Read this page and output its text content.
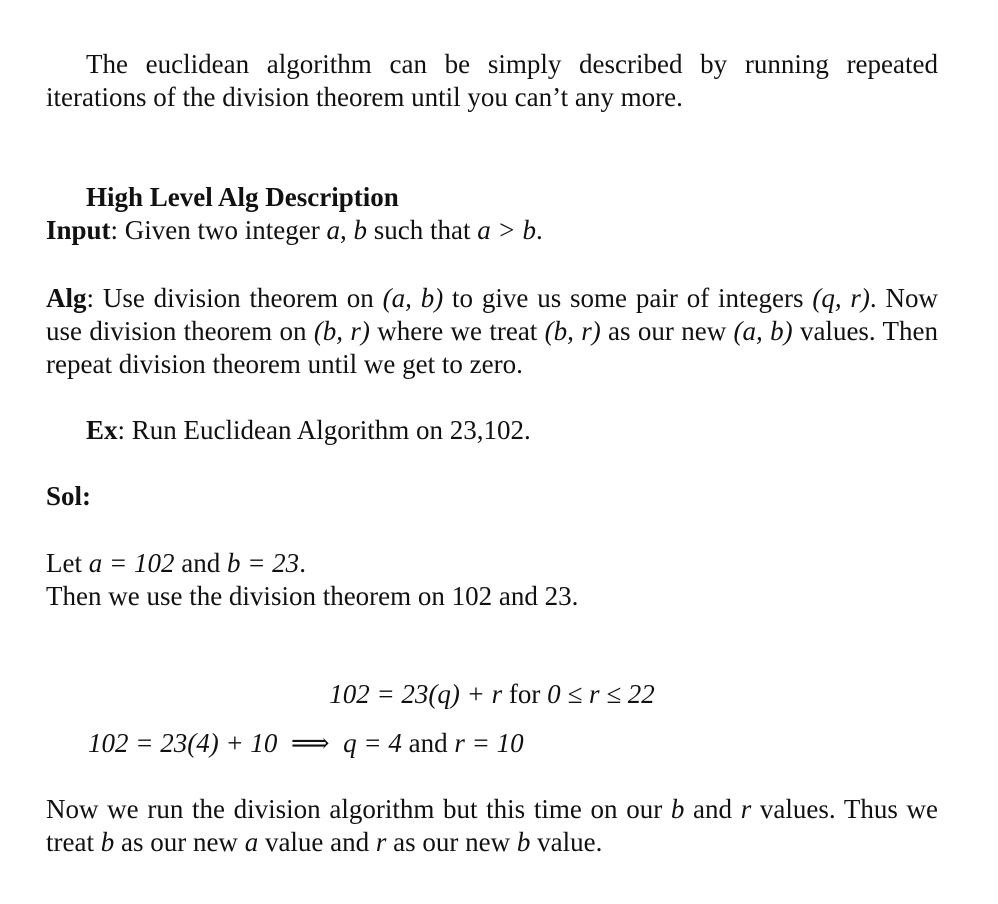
The euclidean algorithm can be simply described by running repeated iterations of the division theorem until you can’t any more.
High Level Alg Description
Input: Given two integer a, b such that a > b.
Alg: Use division theorem on (a, b) to give us some pair of integers (q, r). Now use division theorem on (b, r) where we treat (b, r) as our new (a, b) values. Then repeat division theorem until we get to zero.
Ex: Run Euclidean Algorithm on 23,102.
Sol:
Let a = 102 and b = 23.
Then we use the division theorem on 102 and 23.
102 = 23(q) + r for 0 ≤ r ≤ 22
102 = 23(4) + 10 ⟹ q = 4 and r = 10
Now we run the division algorithm but this time on our b and r values. Thus we treat b as our new a value and r as our new b value.
